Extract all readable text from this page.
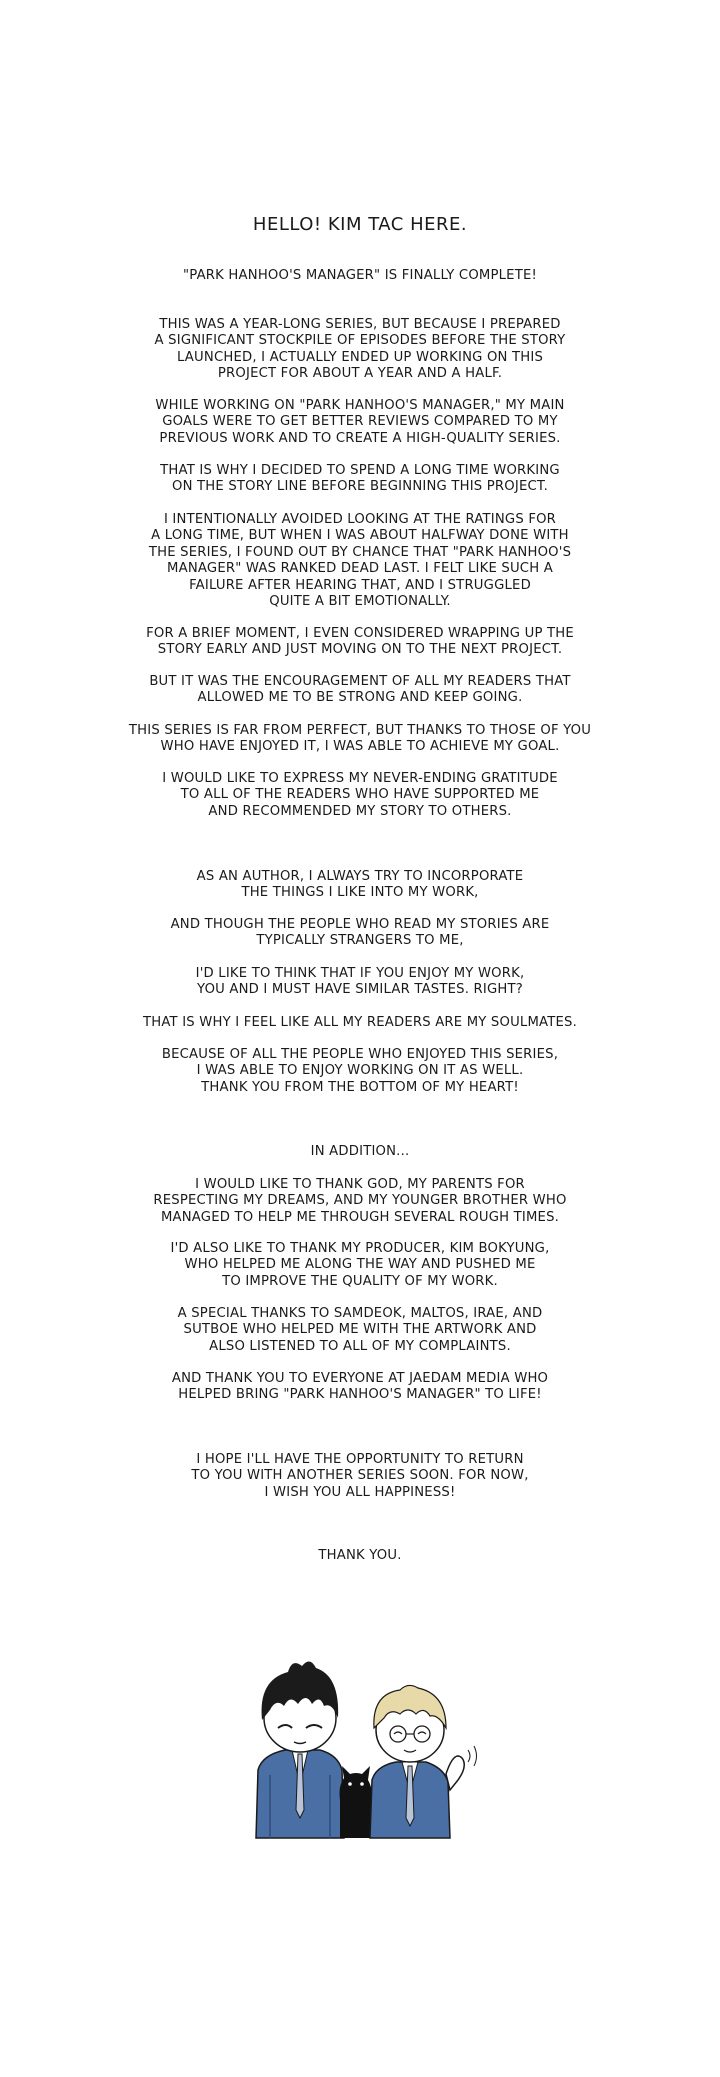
HELLO! KIM TAC HERE.

"PARK HANHOO'S MANAGER" IS FINALLY COMPLETE!

THIS WAS A YEAR-LONG SERIES, BUT BECAUSE I PREPARED
A SIGNIFICANT STOCKPILE OF EPISODES BEFORE THE STORY
LAUNCHED, I ACTUALLY ENDED UP WORKING ON THIS
PROJECT FOR ABOUT A YEAR AND A HALF.

WHILE WORKING ON "PARK HANHOO'S MANAGER," MY MAIN
GOALS WERE TO GET BETTER REVIEWS COMPARED TO MY
PREVIOUS WORK AND TO CREATE A HIGH-QUALITY SERIES.

THAT IS WHY I DECIDED TO SPEND A LONG TIME WORKING
ON THE STORY LINE BEFORE BEGINNING THIS PROJECT.

I INTENTIONALLY AVOIDED LOOKING AT THE RATINGS FOR
A LONG TIME, BUT WHEN I WAS ABOUT HALFWAY DONE WITH
THE SERIES, I FOUND OUT BY CHANCE THAT "PARK HANHOO'S
MANAGER" WAS RANKED DEAD LAST. I FELT LIKE SUCH A
FAILURE AFTER HEARING THAT, AND I STRUGGLED
QUITE A BIT EMOTIONALLY.

FOR A BRIEF MOMENT, I EVEN CONSIDERED WRAPPING UP THE
STORY EARLY AND JUST MOVING ON TO THE NEXT PROJECT.

BUT IT WAS THE ENCOURAGEMENT OF ALL MY READERS THAT
ALLOWED ME TO BE STRONG AND KEEP GOING.

THIS SERIES IS FAR FROM PERFECT, BUT THANKS TO THOSE OF YOU
WHO HAVE ENJOYED IT, I WAS ABLE TO ACHIEVE MY GOAL.

I WOULD LIKE TO EXPRESS MY NEVER-ENDING GRATITUDE
TO ALL OF THE READERS WHO HAVE SUPPORTED ME
AND RECOMMENDED MY STORY TO OTHERS.

AS AN AUTHOR, I ALWAYS TRY TO INCORPORATE
THE THINGS I LIKE INTO MY WORK,

AND THOUGH THE PEOPLE WHO READ MY STORIES ARE
TYPICALLY STRANGERS TO ME,

I'D LIKE TO THINK THAT IF YOU ENJOY MY WORK,
YOU AND I MUST HAVE SIMILAR TASTES. RIGHT?

THAT IS WHY I FEEL LIKE ALL MY READERS ARE MY SOULMATES.

BECAUSE OF ALL THE PEOPLE WHO ENJOYED THIS SERIES,
I WAS ABLE TO ENJOY WORKING ON IT AS WELL.
THANK YOU FROM THE BOTTOM OF MY HEART!

IN ADDITION...

I WOULD LIKE TO THANK GOD, MY PARENTS FOR
RESPECTING MY DREAMS, AND MY YOUNGER BROTHER WHO
MANAGED TO HELP ME THROUGH SEVERAL ROUGH TIMES.

I'D ALSO LIKE TO THANK MY PRODUCER, KIM BOKYUNG,
WHO HELPED ME ALONG THE WAY AND PUSHED ME
TO IMPROVE THE QUALITY OF MY WORK.

A SPECIAL THANKS TO SAMDEOK, MALTOS, IRAE, AND
SUTBOE WHO HELPED ME WITH THE ARTWORK AND
ALSO LISTENED TO ALL OF MY COMPLAINTS.

AND THANK YOU TO EVERYONE AT JAEDAM MEDIA WHO
HELPED BRING "PARK HANHOO'S MANAGER" TO LIFE!

I HOPE I'LL HAVE THE OPPORTUNITY TO RETURN
TO YOU WITH ANOTHER SERIES SOON. FOR NOW,
I WISH YOU ALL HAPPINESS!

THANK YOU.
